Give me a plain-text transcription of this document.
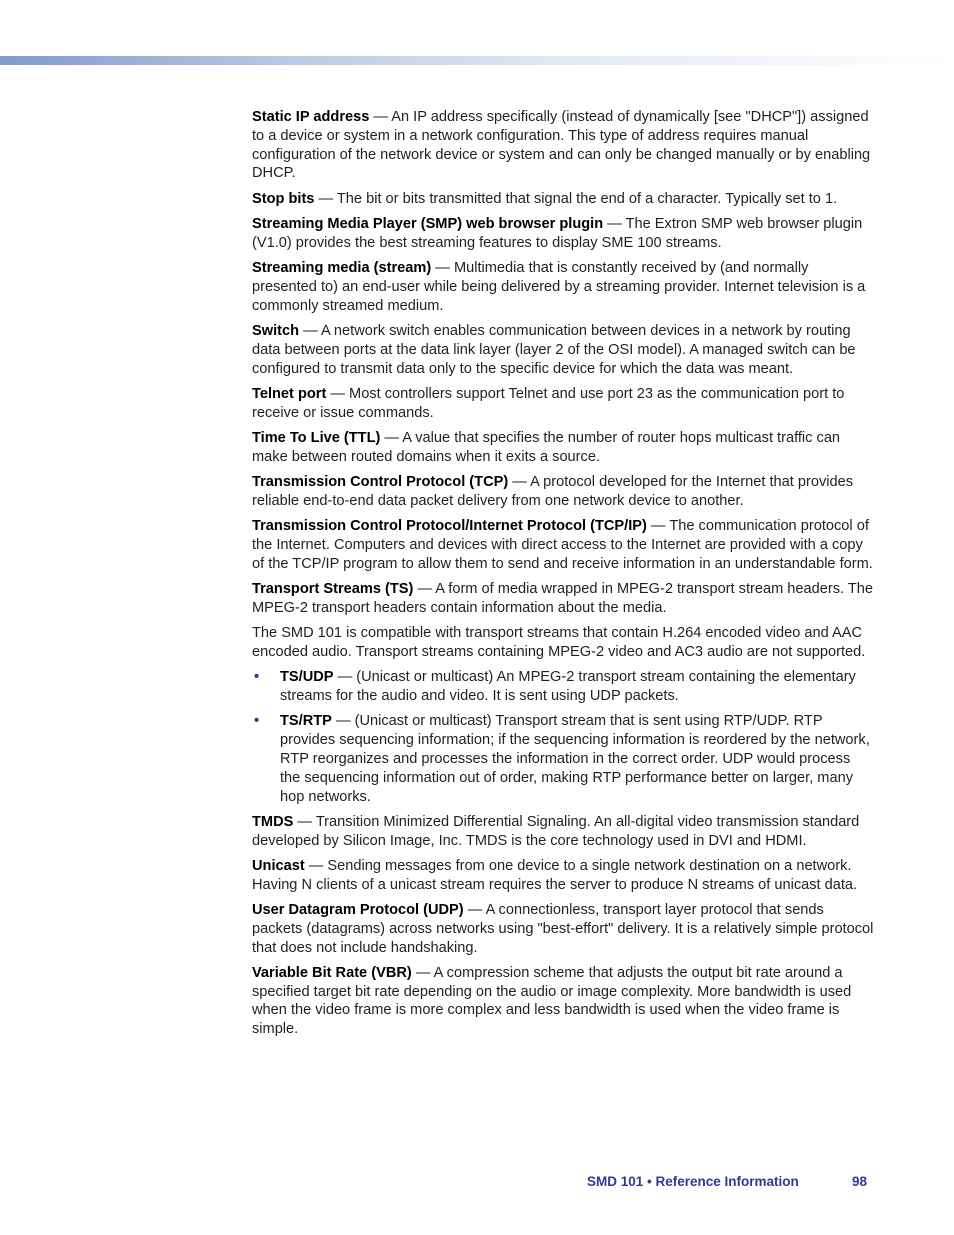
Static IP address — An IP address specifically (instead of dynamically [see "DHCP"]) assigned to a device or system in a network configuration. This type of address requires manual configuration of the network device or system and can only be changed manually or by enabling DHCP.

Stop bits — The bit or bits transmitted that signal the end of a character. Typically set to 1.

Streaming Media Player (SMP) web browser plugin — The Extron SMP web browser plugin (V1.0) provides the best streaming features to display SME 100 streams.

Streaming media (stream) — Multimedia that is constantly received by (and normally presented to) an end-user while being delivered by a streaming provider. Internet television is a commonly streamed medium.

Switch — A network switch enables communication between devices in a network by routing data between ports at the data link layer (layer 2 of the OSI model). A managed switch can be configured to transmit data only to the specific device for which the data was meant.

Telnet port — Most controllers support Telnet and use port 23 as the communication port to receive or issue commands.

Time To Live (TTL) — A value that specifies the number of router hops multicast traffic can make between routed domains when it exits a source.

Transmission Control Protocol (TCP) — A protocol developed for the Internet that provides reliable end-to-end data packet delivery from one network device to another.

Transmission Control Protocol/Internet Protocol (TCP/IP) — The communication protocol of the Internet. Computers and devices with direct access to the Internet are provided with a copy of the TCP/IP program to allow them to send and receive information in an understandable form.

Transport Streams (TS) — A form of media wrapped in MPEG-2 transport stream headers. The MPEG-2 transport headers contain information about the media.

The SMD 101 is compatible with transport streams that contain H.264 encoded video and AAC encoded audio. Transport streams containing MPEG-2 video and AC3 audio are not supported.

• TS/UDP — (Unicast or multicast) An MPEG-2 transport stream containing the elementary streams for the audio and video. It is sent using UDP packets.
• TS/RTP — (Unicast or multicast) Transport stream that is sent using RTP/UDP. RTP provides sequencing information; if the sequencing information is reordered by the network, RTP reorganizes and processes the information in the correct order. UDP would process the sequencing information out of order, making RTP performance better on larger, many hop networks.

TMDS — Transition Minimized Differential Signaling. An all-digital video transmission standard developed by Silicon Image, Inc. TMDS is the core technology used in DVI and HDMI.

Unicast — Sending messages from one device to a single network destination on a network. Having N clients of a unicast stream requires the server to produce N streams of unicast data.

User Datagram Protocol (UDP) — A connectionless, transport layer protocol that sends packets (datagrams) across networks using "best-effort" delivery. It is a relatively simple protocol that does not include handshaking.

Variable Bit Rate (VBR) — A compression scheme that adjusts the output bit rate around a specified target bit rate depending on the audio or image complexity. More bandwidth is used when the video frame is more complex and less bandwidth is used when the video frame is simple.

SMD 101 • Reference Information	98
